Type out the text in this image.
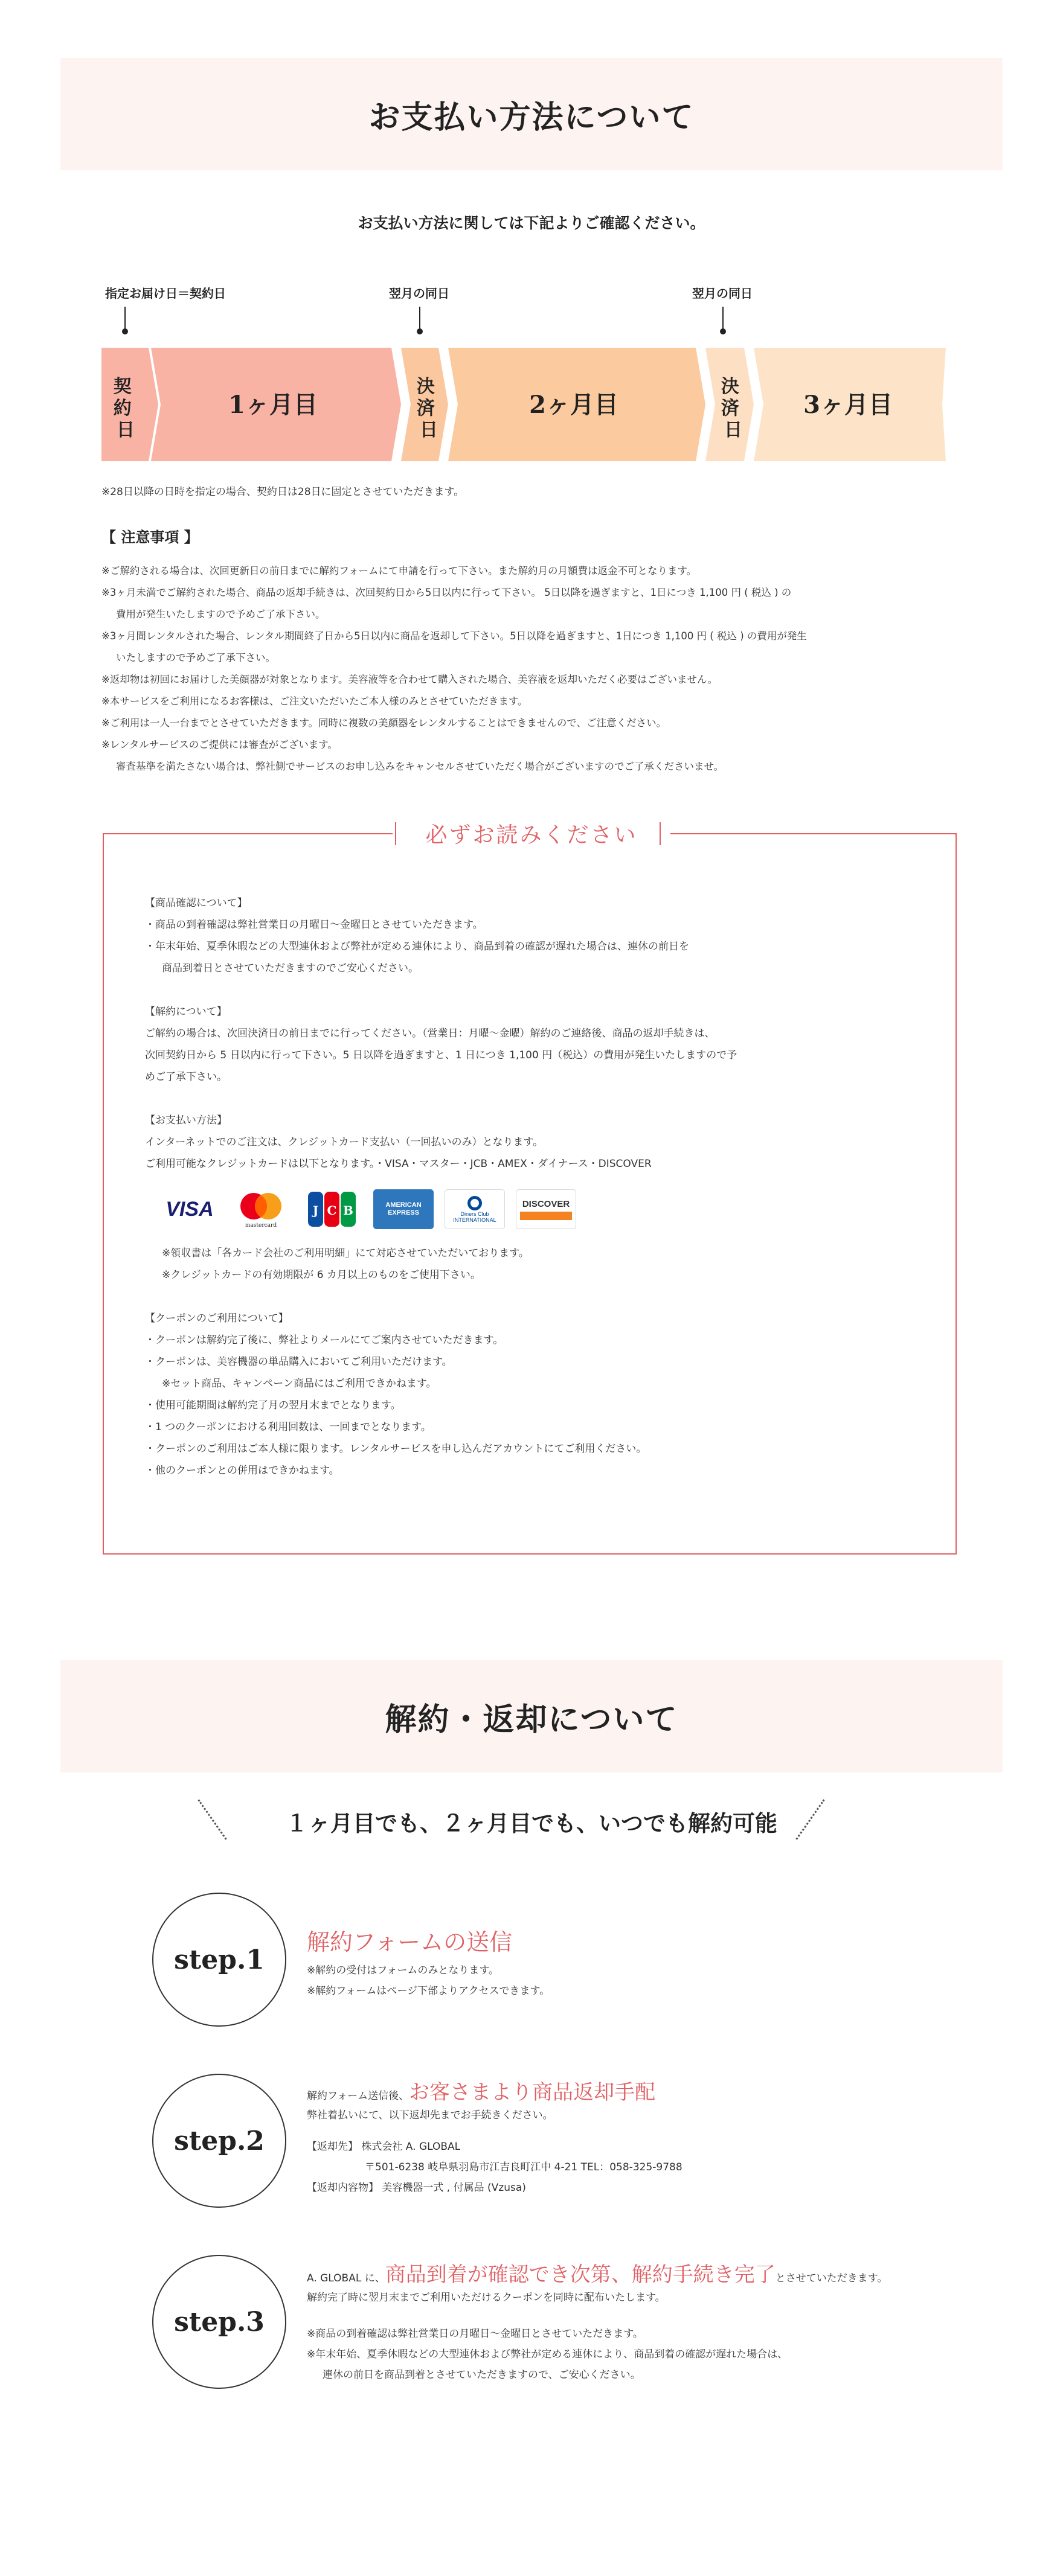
お支払い方法について
お支払い方法に関しては下記よりご確認ください。
指定お届け日＝契約日	翌月の同日	翌月の同日
契 約 日
1ヶ月目
決 済 日
2ヶ月目
決 済 日
3ヶ月目
※28日以降の日時を指定の場合、契約日は28日に固定とさせていただきます。
【 注意事項 】
※ご解約される場合は、次回更新日の前日までに解約フォームにて申請を行って下さい。また解約月の月額費は返金不可となります。
※3ヶ月未満でご解約された場合、商品の返却手続きは、次回契約日から5日以内に行って下さい。 5日以降を過ぎますと、1日につき 1,100 円 ( 税込 ) の
費用が発生いたしますので予めご了承下さい。
※3ヶ月間レンタルされた場合、レンタル期間終了日から5日以内に商品を返却して下さい。5日以降を過ぎますと、1日につき 1,100 円 ( 税込 ) の費用が発生
いたしますので予めご了承下さい。
※返却物は初回にお届けした美顔器が対象となります。美容液等を合わせて購入された場合、美容液を返却いただく必要はございません。
※本サービスをご利用になるお客様は、ご注文いただいたご本人様のみとさせていただきます。
※ご利用は一人一台までとさせていただきます。同時に複数の美顔器をレンタルすることはできませんので、ご注意ください。
※レンタルサービスのご提供には審査がございます。
審査基準を満たさない場合は、弊社側でサービスのお申し込みをキャンセルさせていただく場合がございますのでご了承くださいませ。
必ずお読みください

【商品確認について】

・商品の到着確認は弊社営業日の月曜日～金曜日とさせていただきます。

・年末年始、夏季休暇などの大型連休および弊社が定める連休により、商品到着の確認が遅れた場合は、連休の前日を

商品到着日とさせていただきますのでご安心ください。

【解約について】

ご解約の場合は、次回決済日の前日までに行ってください。（営業日：月曜～金曜）解約のご連絡後、商品の返却手続きは、

次回契約日から 5 日以内に行って下さい。5 日以降を過ぎますと、1 日につき 1,100 円（税込）の費用が発生いたしますので予

めご了承下さい。

【お支払い方法】

インターネットでのご注文は、クレジットカード支払い（一回払いのみ）となります。

ご利用可能なクレジットカードは以下となります。・VISA・マスター・JCB・AMEX・ダイナース・DISCOVER

VISA
mastercard
J C B	AMERICAN EXPRESS	Diners Club INTERNATIONAL
DISCOVER

※領収書は「各カード会社のご利用明細」にて対応させていただいております。

※クレジットカードの有効期限が 6 カ月以上のものをご使用下さい。

【クーポンのご利用について】

・クーポンは解約完了後に、弊社よりメールにてご案内させていただきます。

・クーポンは、美容機器の単品購入においてご利用いただけます。

※セット商品、キャンペーン商品にはご利用できかねます。

・使用可能期間は解約完了月の翌月末までとなります。

・1 つのクーポンにおける利用回数は、一回までとなります。

・クーポンのご利用はご本人様に限ります。レンタルサービスを申し込んだアカウントにてご利用ください。

・他のクーポンとの併用はできかねます。

解約・返却について
１ヶ月目でも、２ヶ月目でも、いつでも解約可能
step.1
解約フォームの送信
※解約の受付はフォームのみとなります。
※解約フォームはページ下部よりアクセスできます。
step.2
解約フォーム送信後、お客さまより商品返却手配
弊社着払いにて、以下返却先までお手続きください。
【返却先】 株式会社 A. GLOBAL
〒501-6238 岐阜県羽島市江吉良町江中 4-21 TEL：058-325-9788
【返却内容物】 美容機器一式 , 付属品 (Vzusa)
step.3
A. GLOBAL に、商品到着が確認でき次第、解約手続き完了とさせていただきます。
解約完了時に翌月末までご利用いただけるクーポンを同時に配布いたします。
※商品の到着確認は弊社営業日の月曜日～金曜日とさせていただきます。
※年末年始、夏季休暇などの大型連休および弊社が定める連休により、商品到着の確認が遅れた場合は、
連休の前日を商品到着とさせていただきますので、ご安心ください。
